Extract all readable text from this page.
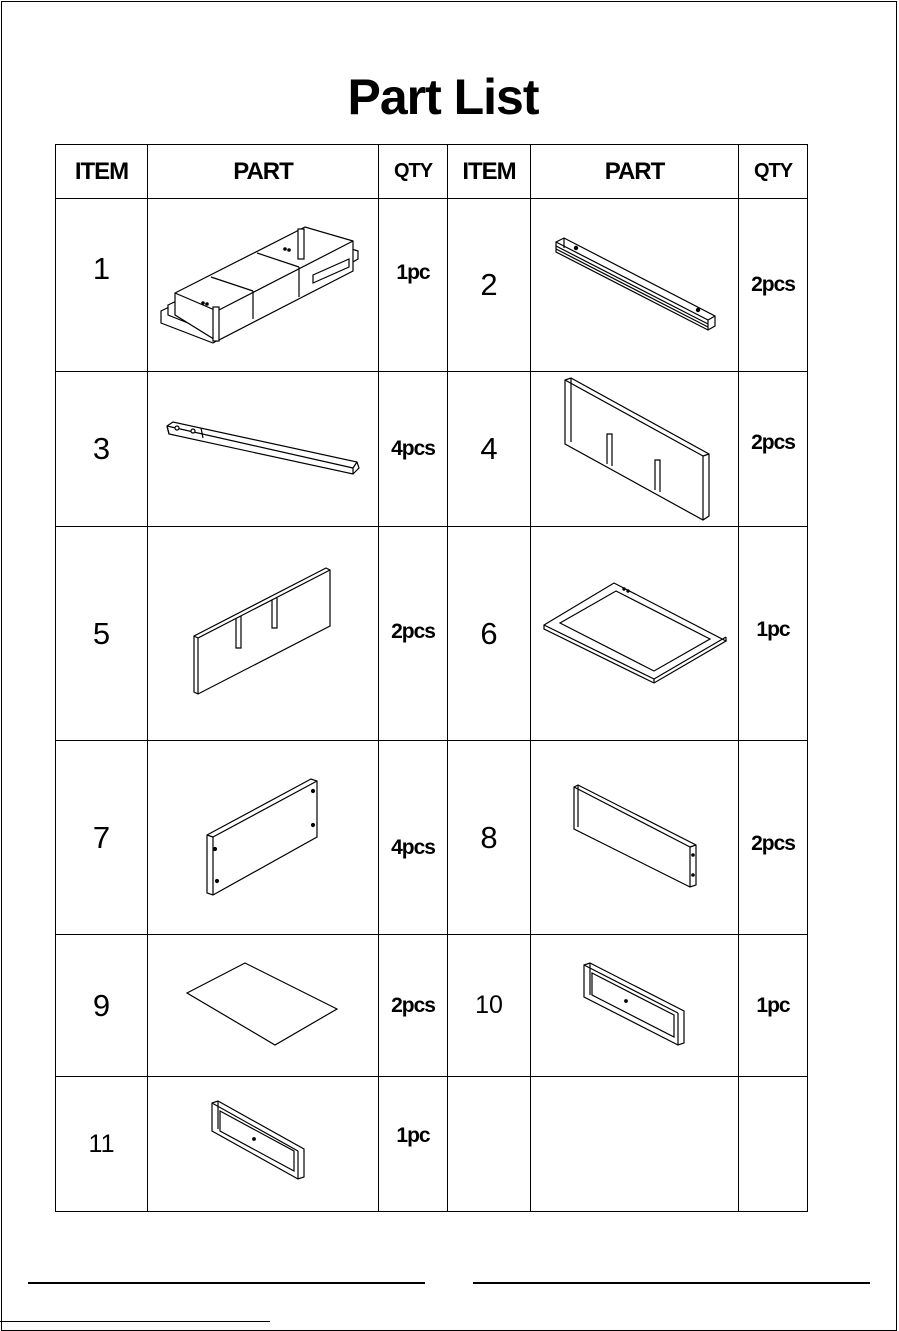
Part List
ITEM	PART	QTY	ITEM	PART	QTY
1		1pc	2		2pcs
3		4pcs	4		2pcs
5		2pcs	6		1pc
7		4pcs	8		2pcs
9		2pcs	10		1pc
11		1pc			
